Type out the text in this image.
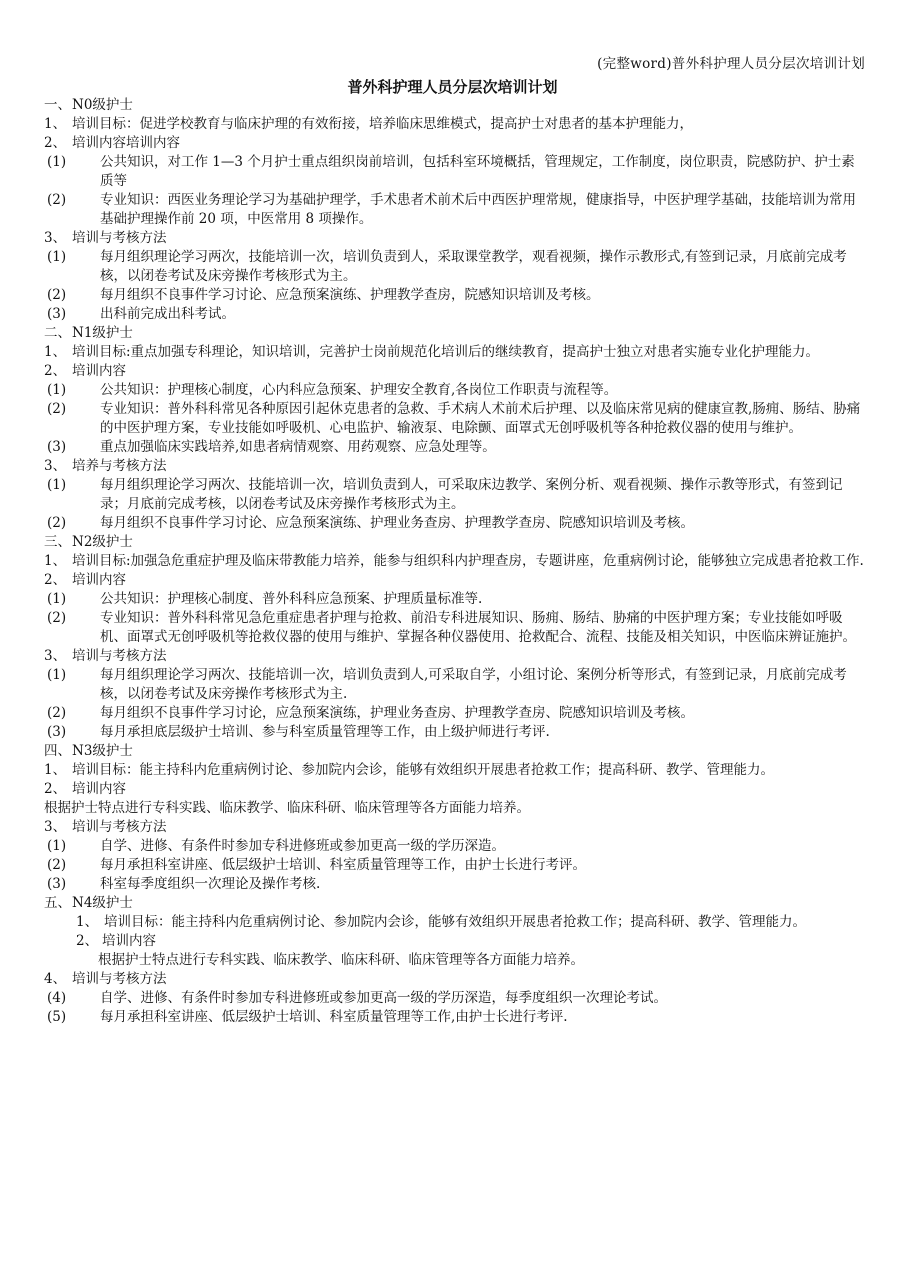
(完整word)普外科护理人员分层次培训计划
普外科护理人员分层次培训计划
一、 N0级护士
1、 培训目标：促进学校教育与临床护理的有效衔接，培养临床思维模式，提高护士对患者的基本护理能力，
2、 培训内容培训内容
(1)	公共知识，对工作 1—3 个月护士重点组织岗前培训，包括科室环境概括，管理规定，工作制度，岗位职责，院感防护、护士素质等
(2)	专业知识：西医业务理论学习为基础护理学，手术患者术前术后中西医护理常规，健康指导，中医护理学基础，技能培训为常用基础护理操作前 20 项，中医常用 8 项操作。
3、 培训与考核方法
(1)	每月组织理论学习两次，技能培训一次，培训负责到人，采取课堂教学，观看视频，操作示教形式,有签到记录，月底前完成考核，以闭卷考试及床旁操作考核形式为主。
(2)	每月组织不良事件学习讨论、应急预案演练、护理教学查房，院感知识培训及考核。
(3)	出科前完成出科考试。
二、 N1级护士
1、 培训目标:重点加强专科理论，知识培训，完善护士岗前规范化培训后的继续教育，提高护士独立对患者实施专业化护理能力。
2、 培训内容
(1)	公共知识：护理核心制度，心内科应急预案、护理安全教育,各岗位工作职责与流程等。
(2)	专业知识：普外科科常见各种原因引起休克患者的急救、手术病人术前术后护理、以及临床常见病的健康宣教,肠痈、肠结、胁痛的中医护理方案，专业技能如呼吸机、心电监护、输液泵、电除颤、面罩式无创呼吸机等各种抢救仪器的使用与维护。
(3)	重点加强临床实践培养,如患者病情观察、用药观察、应急处理等。
3、 培养与考核方法
(1)	每月组织理论学习两次、技能培训一次，培训负责到人，可采取床边教学、案例分析、观看视频、操作示教等形式，有签到记录；月底前完成考核，以闭卷考试及床旁操作考核形式为主。
(2)	每月组织不良事件学习讨论、应急预案演练、护理业务查房、护理教学查房、院感知识培训及考核。
三、 N2级护士
1、 培训目标:加强急危重症护理及临床带教能力培养，能参与组织科内护理查房，专题讲座，危重病例讨论，能够独立完成患者抢救工作.
2、 培训内容
(1)	公共知识：护理核心制度、普外科科应急预案、护理质量标准等.
(2)	专业知识：普外科科常见急危重症患者护理与抢救、前沿专科进展知识、肠痈、肠结、胁痛的中医护理方案；专业技能如呼吸机、面罩式无创呼吸机等抢救仪器的使用与维护、掌握各种仪器使用、抢救配合、流程、技能及相关知识，中医临床辨证施护。
3、 培训与考核方法
(1)	每月组织理论学习两次、技能培训一次，培训负责到人,可采取自学，小组讨论、案例分析等形式，有签到记录，月底前完成考核，以闭卷考试及床旁操作考核形式为主.
(2)	每月组织不良事件学习讨论，应急预案演练，护理业务查房、护理教学查房、院感知识培训及考核。
(3)	每月承担底层级护士培训、参与科室质量管理等工作，由上级护师进行考评.
四、 N3级护士
1、 培训目标：能主持科内危重病例讨论、参加院内会诊，能够有效组织开展患者抢救工作；提高科研、教学、管理能力。
2、 培训内容
根据护士特点进行专科实践、临床教学、临床科研、临床管理等各方面能力培养。
3、 培训与考核方法
(1)	自学、进修、有条件时参加专科进修班或参加更高一级的学历深造。
(2)	每月承担科室讲座、低层级护士培训、科室质量管理等工作，由护士长进行考评。
(3)	科室每季度组织一次理论及操作考核.
五、 N4级护士
1、 培训目标：能主持科内危重病例讨论、参加院内会诊，能够有效组织开展患者抢救工作；提高科研、教学、管理能力。
2、 培训内容
根据护士特点进行专科实践、临床教学、临床科研、临床管理等各方面能力培养。
4、 培训与考核方法
(4)	自学、进修、有条件时参加专科进修班或参加更高一级的学历深造，每季度组织一次理论考试。
(5)	每月承担科室讲座、低层级护士培训、科室质量管理等工作,由护士长进行考评.
